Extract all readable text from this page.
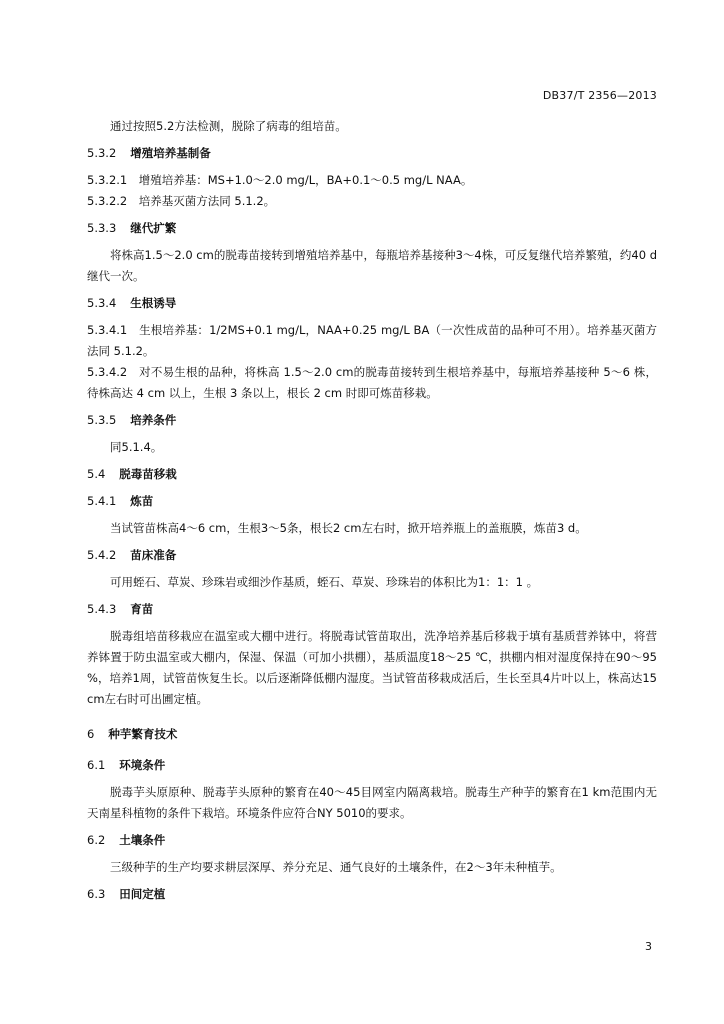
DB37/T 2356—2013

通过按照5.2方法检测，脱除了病毒的组培苗。

5.3.2 增殖培养基制备

5.3.2.1　增殖培养基：MS+1.0～2.0 mg/L，BA+0.1～0.5 mg/L NAA。

5.3.2.2　培养基灭菌方法同 5.1.2。

5.3.3 继代扩繁

将株高1.5～2.0 cm的脱毒苗接转到增殖培养基中，每瓶培养基接种3～4株，可反复继代培养繁殖，约40 d继代一次。

5.3.4 生根诱导

5.3.4.1　生根培养基：1/2MS+0.1 mg/L，NAA+0.25 mg/L BA（一次性成苗的品种可不用）。培养基灭菌方法同 5.1.2。

5.3.4.2　对不易生根的品种，将株高 1.5～2.0 cm的脱毒苗接转到生根培养基中，每瓶培养基接种 5～6 株，待株高达 4 cm 以上，生根 3 条以上，根长 2 cm 时即可炼苗移栽。

5.3.5 培养条件

同5.1.4。

5.4 脱毒苗移栽

5.4.1 炼苗

当试管苗株高4～6 cm，生根3～5条，根长2 cm左右时，掀开培养瓶上的盖瓶膜，炼苗3 d。

5.4.2 苗床准备

可用蛭石、草炭、珍珠岩或细沙作基质，蛭石、草炭、珍珠岩的体积比为1：1：1 。

5.4.3 育苗

脱毒组培苗移栽应在温室或大棚中进行。将脱毒试管苗取出，洗净培养基后移栽于填有基质营养钵中，将营养钵置于防虫温室或大棚内，保湿、保温（可加小拱棚），基质温度18～25 ℃，拱棚内相对湿度保持在90～95 %，培养1周，试管苗恢复生长。以后逐渐降低棚内湿度。当试管苗移栽成活后，生长至具4片叶以上，株高达15 cm左右时可出圃定植。

6 种芋繁育技术

6.1 环境条件

脱毒芋头原原种、脱毒芋头原种的繁育在40～45目网室内隔离栽培。脱毒生产种芋的繁育在1 km范围内无天南星科植物的条件下栽培。环境条件应符合NY 5010的要求。

6.2 土壤条件

三级种芋的生产均要求耕层深厚、养分充足、通气良好的土壤条件，在2～3年未种植芋。

6.3 田间定植

3
